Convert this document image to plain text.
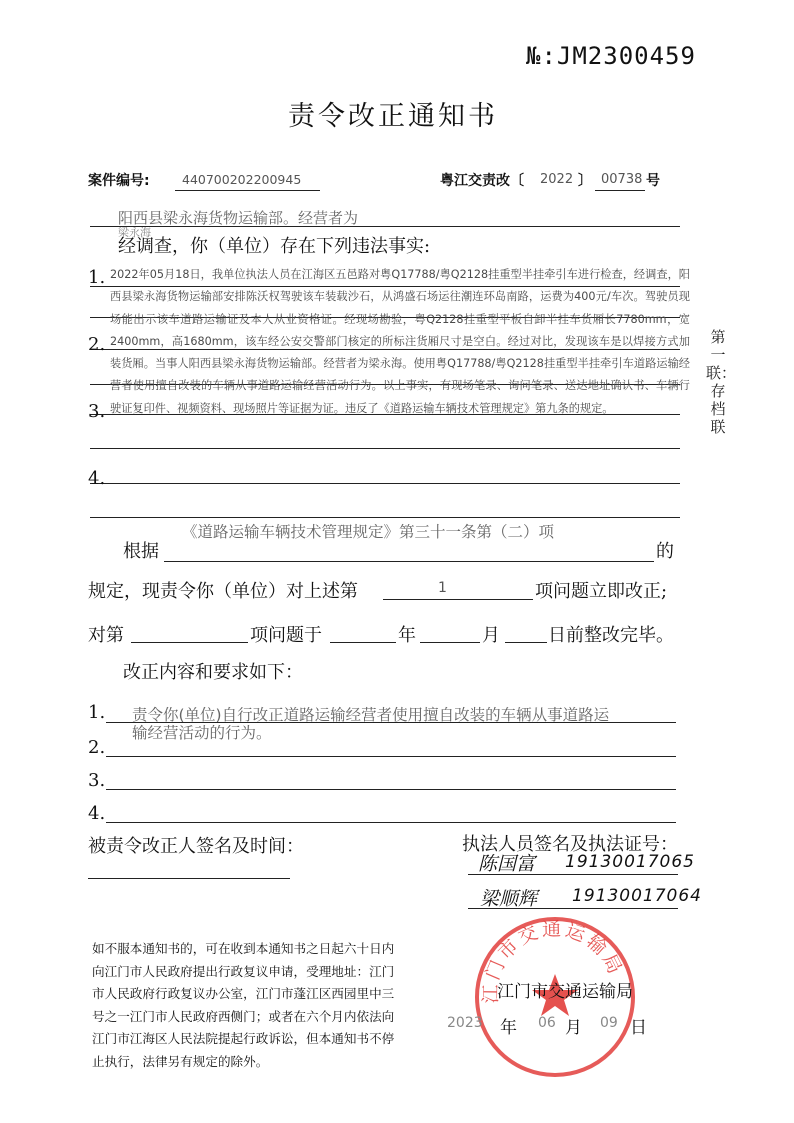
№:JM2300459
责令改正通知书
案件编号:	440700202200945	粤江交责改〔 2022 〕 00738 号
阳西县梁永海货物运输部。经营者为
梁永海
经调查，你（单位）存在下列违法事实:
1.
2.
3.
4.
2022年05月18日，我单位执法人员在江海区五邑路对粤Q17788/粤Q2128挂重型半挂牵引车进行检查，经调查，阳西县梁永海货物运输部安排陈沃权驾驶该车装载沙石，从鸿盛石场运往潮连环岛南路，运费为400元/车次。驾驶员现场能出示该车道路运输证及本人从业资格证。经现场勘验，粤Q2128挂重型平板自卸半挂车货厢长7780mm，宽2400mm，高1680mm，该车经公安交警部门核定的所标注货厢尺寸是空白。经过对比，发现该车是以焊接方式加装货厢。当事人阳西县梁永海货物运输部。经营者为梁永海。使用粤Q17788/粤Q2128挂重型半挂牵引车道路运输经营者使用擅自改装的车辆从事道路运输经营活动行为。以上事实，有现场笔录、询问笔录、送达地址确认书、车辆行驶证复印件、视频资料、现场照片等证据为证。违反了《道路运输车辆技术管理规定》第九条的规定。
第一联：存档联
根据
《道路运输车辆技术管理规定》第三十一条第（二）项
的
规定，现责令你（单位）对上述第	1	项问题立即改正;
对第	项问题于	年	月	日前整改完毕。
改正内容和要求如下：
1.
2.
3.
4.
责令你(单位)自行改正道路运输经营者使用擅自改装的车辆从事道路运
输经营活动的行为。
被责令改正人签名及时间：	执法人员签名及执法证号：
陈国富 19130017065
梁顺辉 19130017064
如不服本通知书的，可在收到本通知书之日起六十日内向江门市人民政府提出行政复议申请，受理地址：江门市人民政府行政复议办公室，江门市蓬江区西园里中三号之一江门市人民政府西侧门；或者在六个月内依法向江门市江海区人民法院提起行政诉讼，但本通知书不停止执行，法律另有规定的除外。
江门市交通运输局
江门市交通运输局
2023 年 06 月 09 日
